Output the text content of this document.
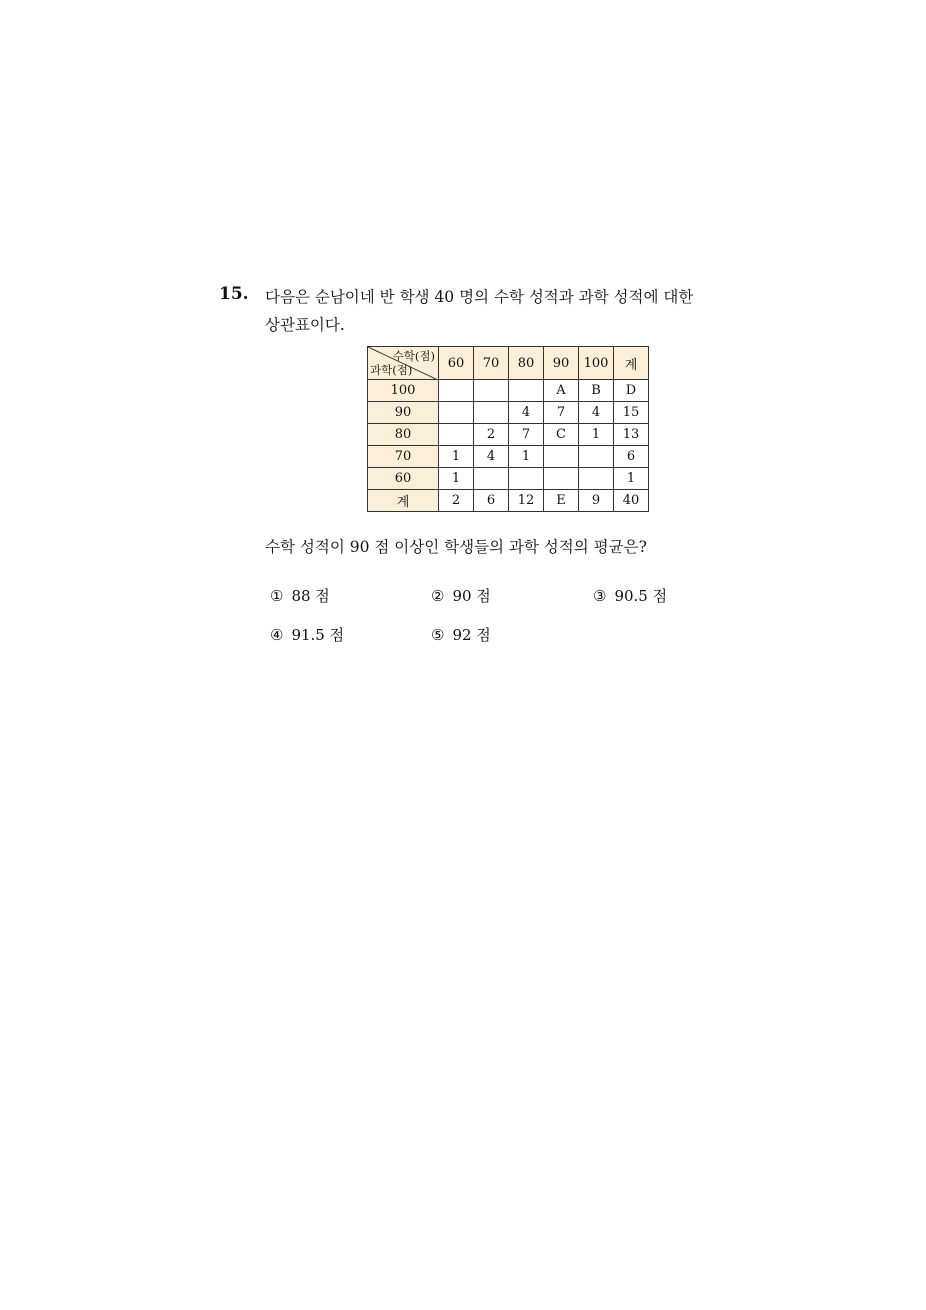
15. 다음은 순남이네 반 학생 40 명의 수학 성적과 과학 성적에 대한
상관표이다.
수학(점)
과학(점)	60	70	80	90	100	계
100				A	B	D
90			4	7	4	15
80		2	7	C	1	13
70	1	4	1			6
60	1					1
계	2	6	12	E	9	40
수학 성적이 90 점 이상인 학생들의 과학 성적의 평균은?
① 88 점	② 90 점	③ 90.5 점
④ 91.5 점	⑤ 92 점
